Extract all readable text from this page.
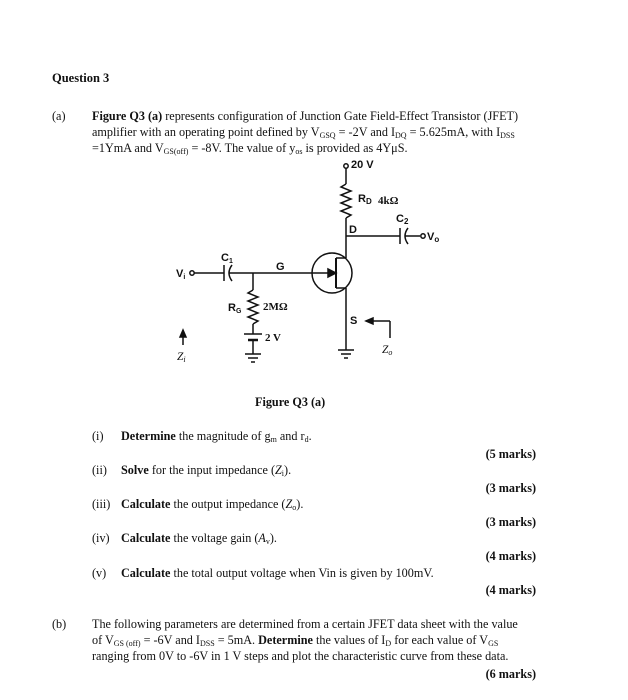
Question 3
(a) Figure Q3 (a) represents configuration of Junction Gate Field-Effect Transistor (JFET)
amplifier with an operating point defined by $V_{GSQ} = -2V$ and $I_{DQ} = 5.625mA$, with $I_{DSS}$
=1YmA and $V_{GS(off)} = -8V$. The value of $y_{os}$ is provided as 4YμS.
20 V
RD 4kΩ
C2
Vo
D
G
S
C1
Vi
RG 2MΩ
2 V
Zi
Zo
Figure Q3 (a)
(i)	Determine the magnitude of $g_m$ and $r_d$.
(5 marks)
(ii)	Solve for the input impedance $(Z_i)$.
(3 marks)
(iii) Calculate the output impedance $(Z_o)$.
(3 marks)
(iv) Calculate the voltage gain $(A_v)$.
(4 marks)
(v)	Calculate the total output voltage when Vin is given by 100mV.
(4 marks)
(b) The following parameters are determined from a certain JFET data sheet with the value
of $V_{GS (off)} = -6V$ and $I_{DSS} = 5mA$. Determine the values of $I_D$ for each value of $V_{GS}$
ranging from 0V to -6V in 1 V steps and plot the characteristic curve from these data.
(6 marks)
